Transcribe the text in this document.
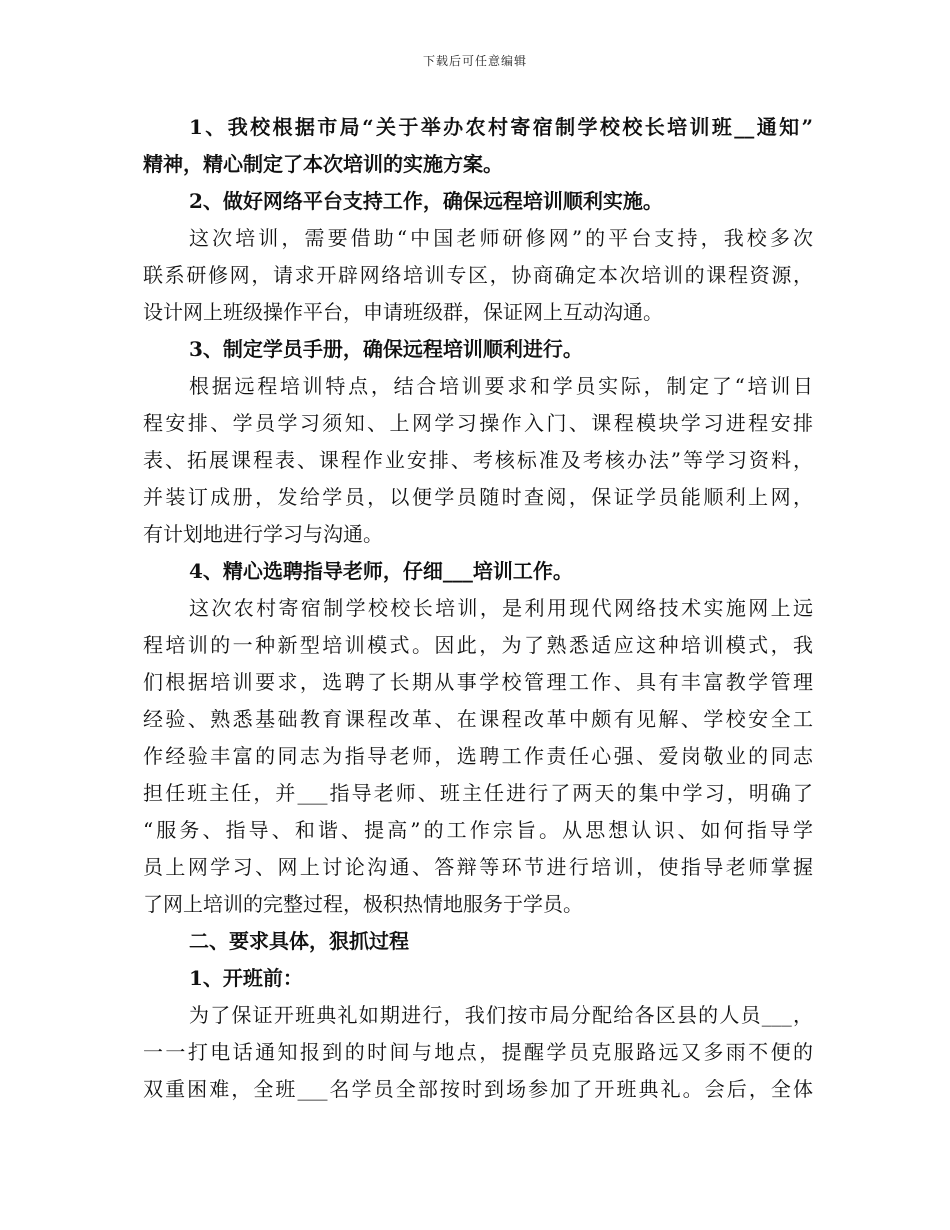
下载后可任意编辑
1、我校根据市局“关于举办农村寄宿制学校校长培训班__通知”
精神，精心制定了本次培训的实施方案。
2、做好网络平台支持工作，确保远程培训顺利实施。
这次培训，需要借助“中国老师研修网”的平台支持，我校多次
联系研修网，请求开辟网络培训专区，协商确定本次培训的课程资源，
设计网上班级操作平台，申请班级群，保证网上互动沟通。
3、制定学员手册，确保远程培训顺利进行。
根据远程培训特点，结合培训要求和学员实际，制定了“培训日
程安排、学员学习须知、上网学习操作入门、课程模块学习进程安排
表、拓展课程表、课程作业安排、考核标准及考核办法”等学习资料，
并装订成册，发给学员，以便学员随时查阅，保证学员能顺利上网，
有计划地进行学习与沟通。
4、精心选聘指导老师，仔细___培训工作。
这次农村寄宿制学校校长培训，是利用现代网络技术实施网上远
程培训的一种新型培训模式。因此，为了熟悉适应这种培训模式，我
们根据培训要求，选聘了长期从事学校管理工作、具有丰富教学管理
经验、熟悉基础教育课程改革、在课程改革中颇有见解、学校安全工
作经验丰富的同志为指导老师，选聘工作责任心强、爱岗敬业的同志
担任班主任，并___指导老师、班主任进行了两天的集中学习，明确了
“服务、指导、和谐、提高”的工作宗旨。从思想认识、如何指导学
员上网学习、网上讨论沟通、答辩等环节进行培训，使指导老师掌握
了网上培训的完整过程，极积热情地服务于学员。
二、要求具体，狠抓过程
1、开班前：
为了保证开班典礼如期进行，我们按市局分配给各区县的人员___，
一一打电话通知报到的时间与地点，提醒学员克服路远又多雨不便的
双重困难，全班___名学员全部按时到场参加了开班典礼。会后，全体
